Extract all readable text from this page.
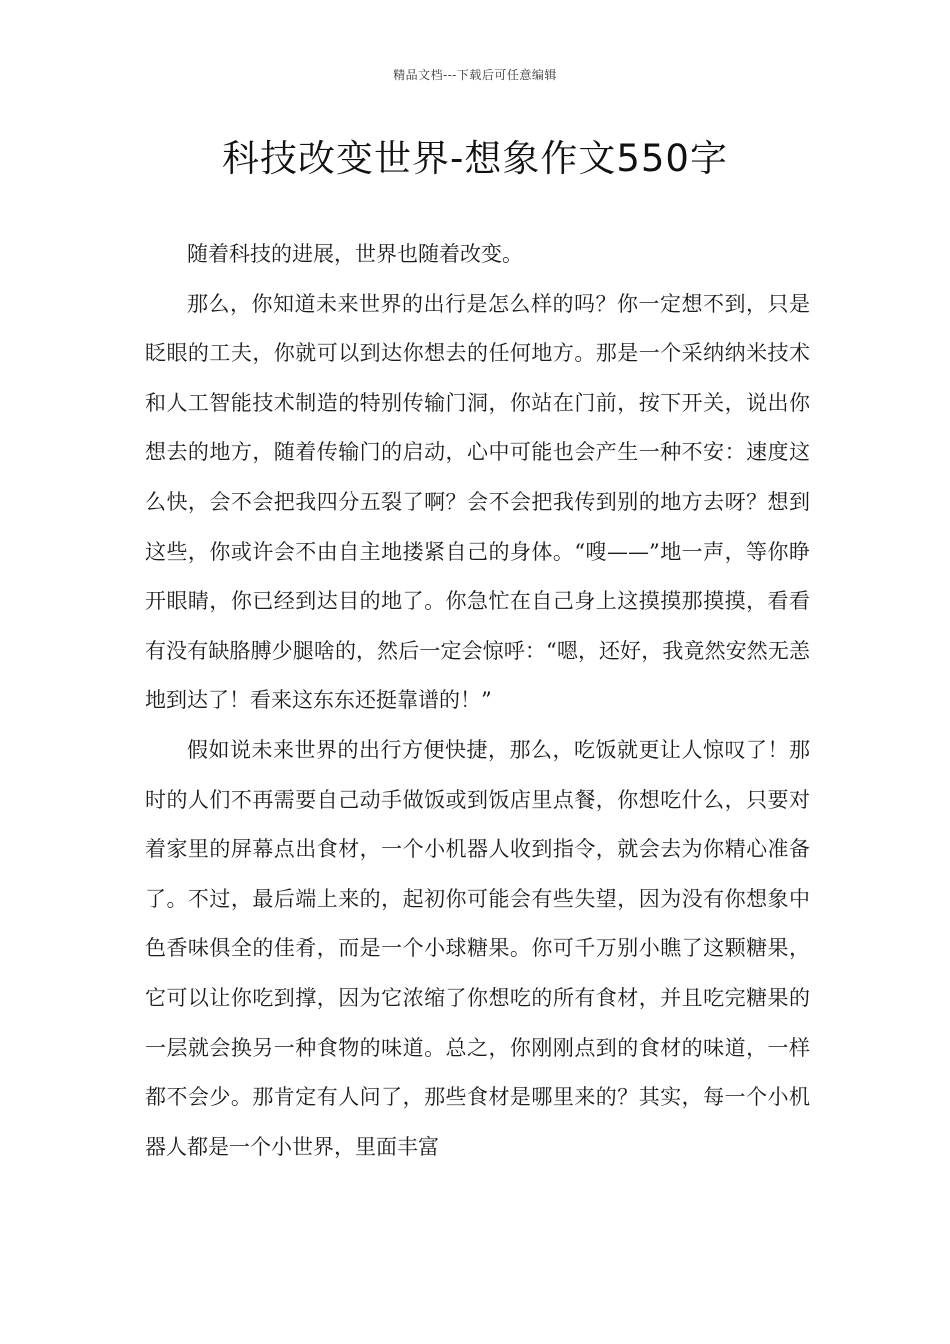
精品文档---下载后可任意编辑
科技改变世界-想象作文550字

随着科技的进展，世界也随着改变。

那么，你知道未来世界的出行是怎么样的吗？你一定想不到，只是眨眼的工夫，你就可以到达你想去的任何地方。那是一个采纳纳米技术和人工智能技术制造的特别传输门洞，你站在门前，按下开关，说出你想去的地方，随着传输门的启动，心中可能也会产生一种不安：速度这么快，会不会把我四分五裂了啊？会不会把我传到别的地方去呀？想到这些，你或许会不由自主地搂紧自己的身体。“嗖——”地一声，等你睁开眼睛，你已经到达目的地了。你急忙在自己身上这摸摸那摸摸，看看有没有缺胳膊少腿啥的，然后一定会惊呼：“嗯，还好，我竟然安然无恙地到达了！看来这东东还挺靠谱的！”

假如说未来世界的出行方便快捷，那么，吃饭就更让人惊叹了！那时的人们不再需要自己动手做饭或到饭店里点餐，你想吃什么，只要对着家里的屏幕点出食材，一个小机器人收到指令，就会去为你精心准备了。不过，最后端上来的，起初你可能会有些失望，因为没有你想象中色香味俱全的佳肴，而是一个小球糖果。你可千万别小瞧了这颗糖果，它可以让你吃到撑，因为它浓缩了你想吃的所有食材，并且吃完糖果的一层就会换另一种食物的味道。总之，你刚刚点到的食材的味道，一样都不会少。那肯定有人问了，那些食材是哪里来的？其实，每一个小机器人都是一个小世界，里面丰富
